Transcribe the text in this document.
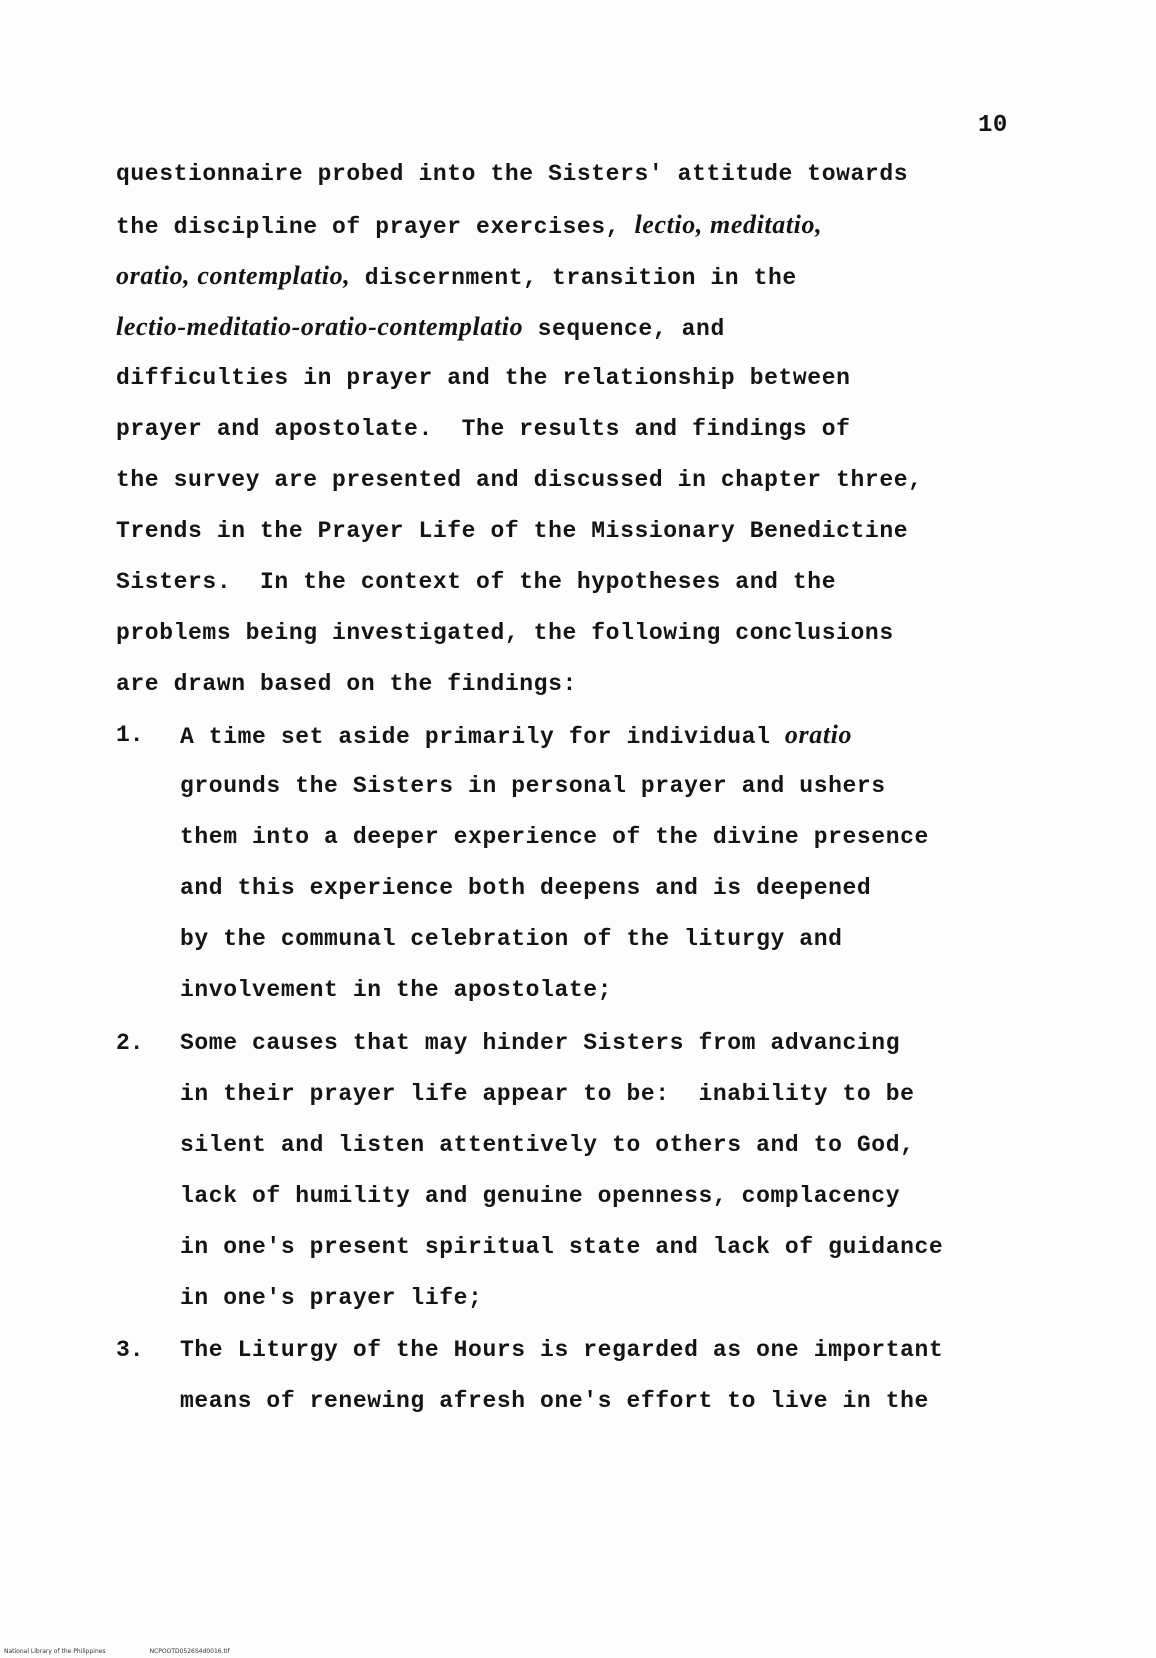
10
questionnaire probed into the Sisters' attitude towards
the discipline of prayer exercises, lectio, meditatio,
oratio, contemplatio, discernment, transition in the
lectio-meditatio-oratio-contemplatio sequence, and
difficulties in prayer and the relationship between
prayer and apostolate.  The results and findings of
the survey are presented and discussed in chapter three,
Trends in the Prayer Life of the Missionary Benedictine
Sisters.  In the context of the hypotheses and the
problems being investigated, the following conclusions
are drawn based on the findings:
1. A time set aside primarily for individual oratio
grounds the Sisters in personal prayer and ushers
them into a deeper experience of the divine presence
and this experience both deepens and is deepened
by the communal celebration of the liturgy and
involvement in the apostolate;
2. Some causes that may hinder Sisters from advancing
in their prayer life appear to be:  inability to be
silent and listen attentively to others and to God,
lack of humility and genuine openness, complacency
in one's present spiritual state and lack of guidance
in one's prayer life;
3. The Liturgy of the Hours is regarded as one important
means of renewing afresh one's effort to live in the
National Library of the Philippines	NCPOOTD0526S4d0016.tif
